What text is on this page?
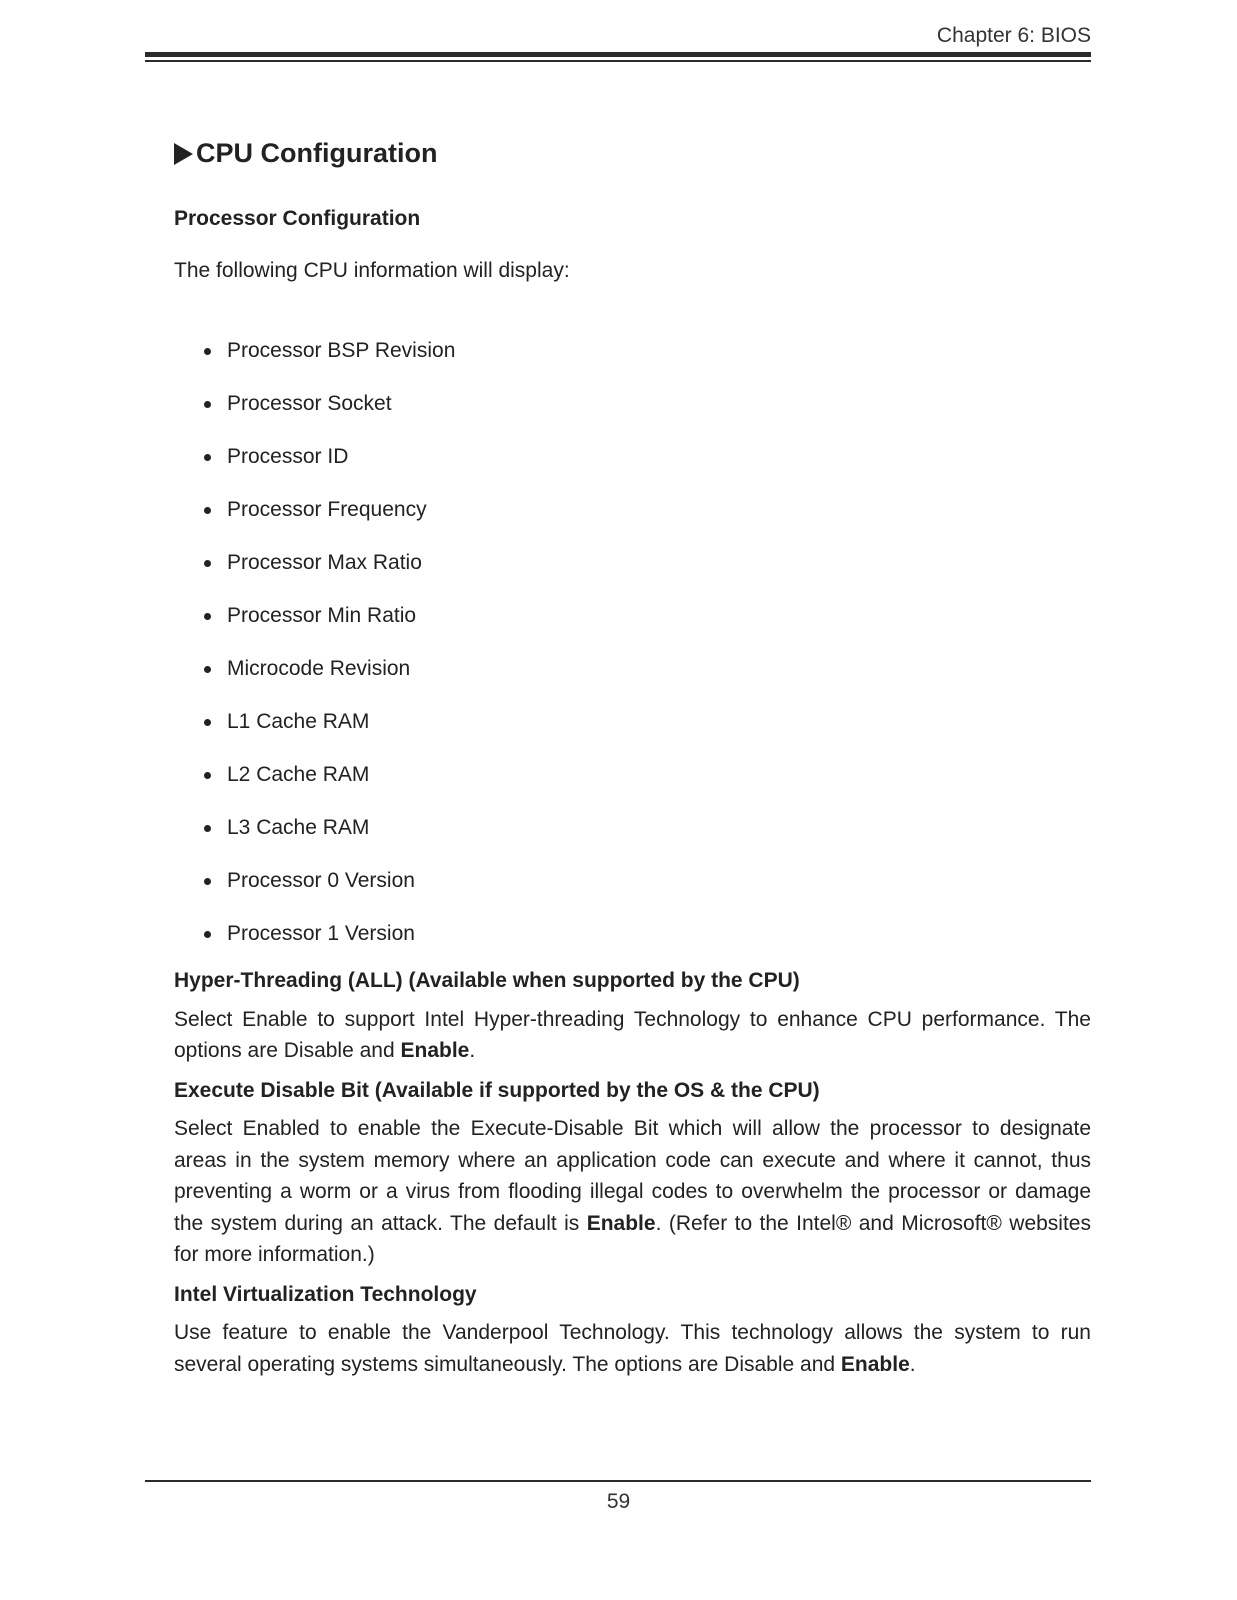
Chapter 6: BIOS
CPU Configuration

Processor Configuration

The following CPU information will display:

Processor BSP Revision
Processor Socket
Processor ID
Processor Frequency
Processor Max Ratio
Processor Min Ratio
Microcode Revision
L1 Cache RAM
L2 Cache RAM
L3 Cache RAM
Processor 0 Version
Processor 1 Version

Hyper-Threading (ALL) (Available when supported by the CPU)

Select Enable to support Intel Hyper-threading Technology to enhance CPU performance. The options are Disable and Enable.

Execute Disable Bit (Available if supported by the OS & the CPU)

Select Enabled to enable the Execute-Disable Bit which will allow the processor to designate areas in the system memory where an application code can execute and where it cannot, thus preventing a worm or a virus from flooding illegal codes to overwhelm the processor or damage the system during an attack. The default is Enable. (Refer to the Intel® and Microsoft® websites for more information.)

Intel Virtualization Technology

Use feature to enable the Vanderpool Technology. This technology allows the system to run several operating systems simultaneously. The options are Disable and Enable.

59
